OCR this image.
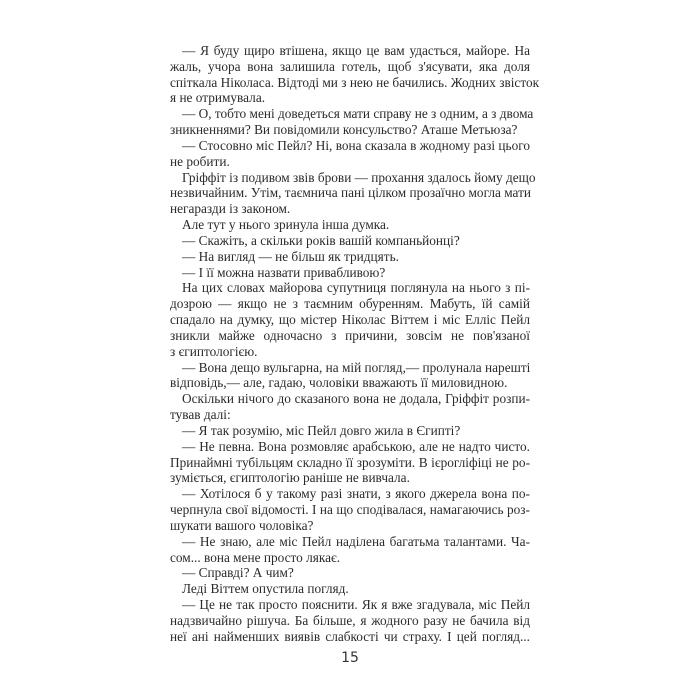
— Я буду щиро втішена, якщо це вам удасться, майоре. На
жаль, учора вона залишила готель, щоб з'ясувати, яка доля
спіткала Ніколаса. Відтоді ми з нею не бачились. Жодних звісток
я не отримувала.
— О, тобто мені доведеться мати справу не з одним, а з двома
зникненнями? Ви повідомили консульство? Аташе Метьюза?
— Стосовно міс Пейл? Ні, вона сказала в жодному разі цього
не робити.
Гріффіт із подивом звів брови — прохання здалось йому дещо
незвичайним. Утім, таємнича пані цілком прозаїчно могла мати
негаразди із законом.
Але тут у нього зринула інша думка.
— Скажіть, а скільки років вашій компаньйонці?
— На вигляд — не більш як тридцять.
— І її можна назвати привабливою?
На цих словах майорова супутниця поглянула на нього з пі-
дозрою — якщо не з таємним обуренням. Мабуть, їй самій
спадало на думку, що містер Ніколас Віттем і міс Елліс Пейл
зникли майже одночасно з причини, зовсім не пов'язаної
з єгиптологією.
— Вона дещо вульгарна, на мій погляд,— пролунала нарешті
відповідь,— але, гадаю, чоловіки вважають її миловидною.
Оскільки нічого до сказаного вона не додала, Гріффіт розпи-
тував далі:
— Я так розумію, міс Пейл довго жила в Єгипті?
— Не певна. Вона розмовляє арабською, але не надто чисто.
Принаймні тубільцям складно її зрозуміти. В ієрогліфіці не ро-
зуміється, єгиптологію раніше не вивчала.
— Хотілося б у такому разі знати, з якого джерела вона по-
черпнула свої відомості. І на що сподівалася, намагаючись роз-
шукати вашого чоловіка?
— Не знаю, але міс Пейл наділена багатьма талантами. Ча-
сом... вона мене просто лякає.
— Справді? А чим?
Леді Віттем опустила погляд.
— Це не так просто пояснити. Як я вже згадувала, міс Пейл
надзвичайно рішуча. Ба більше, я жодного разу не бачила від
неї ані найменших виявів слабкості чи страху. І цей погляд...
15
